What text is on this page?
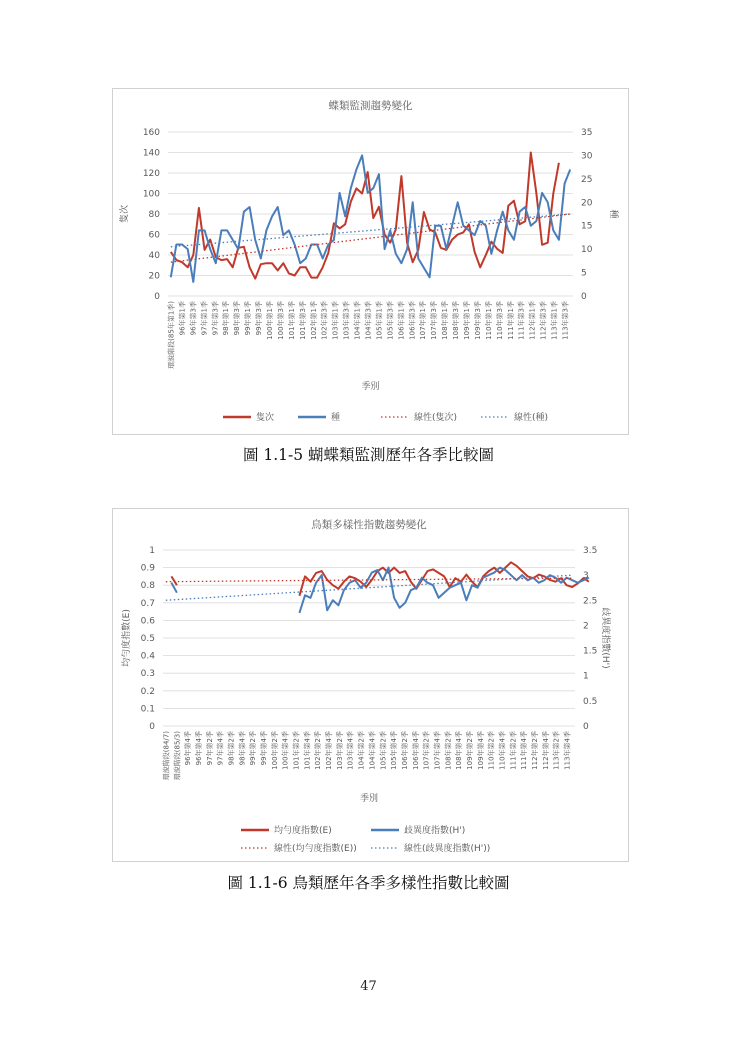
蝶類監測趨勢變化
0
20
40
60
80
100
120
140
160
0
5
10
15
20
25
30
35
隻次	種
環說階段(85年第1季) 96年第1季 96年第3季 97年第1季 97年第3季 98年第1季 98年第3季 99年第1季 99年第3季 100年第1季 100年第3季 101年第1季 101年第3季 102年第1季 102年第3季 103年第1季 103年第3季 104年第1季 104年第3季 105年第1季 105年第3季 106年第1季 106年第3季 107年第1季 107年第3季 108年第1季 108年第3季 109年第1季 109年第3季 110年第1季 110年第3季 111年第1季 111年第3季 112年第1季 112年第3季 113年第1季 113年第3季
季別
隻次	種	線性(隻次)	線性(種)
圖 1.1-5 蝴蝶類監測歷年各季比較圖
鳥類多樣性指數趨勢變化
0
0.1
0.2
0.3
0.4
0.5
0.6
0.7
0.8
0.9
1
0
0.5
1
1.5
2
2.5
3
3.5
均勻度指數(E)	歧異度指數(H')
環說階段(84/7) 環說階段(85/3) 96年第4季 96年第4季 97年第2季 97年第4季 98年第2季 98年第4季 99年第2季 99年第4季 100年第2季 100年第4季 101年第2季 101年第4季 102年第2季 102年第4季 103年第2季 103年第4季 104年第2季 104年第4季 105年第2季 105年第4季 106年第2季 106年第4季 107年第2季 107年第4季 108年第2季 108年第4季 109年第2季 109年第4季 110年第2季 110年第4季 111年第2季 111年第4季 112年第2季 112年第4季 113年第2季 113年第4季
季別
均勻度指數(E)	歧異度指數(H')
線性(均勻度指數(E))	線性(歧異度指數(H'))
圖 1.1-6 鳥類歷年各季多樣性指數比較圖
47
